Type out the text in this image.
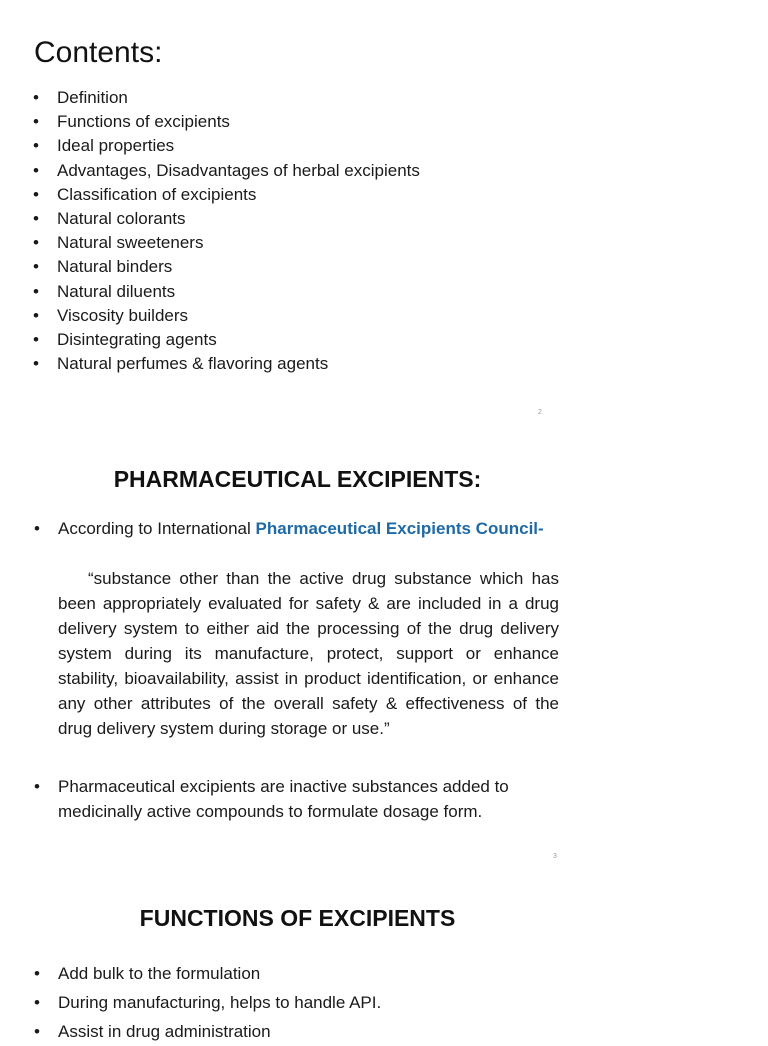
Contents:
• Definition
• Functions of excipients
• Ideal properties
• Advantages, Disadvantages of herbal excipients
• Classification of excipients
• Natural colorants
• Natural sweeteners
• Natural binders
• Natural diluents
• Viscosity builders
• Disintegrating agents
• Natural perfumes & flavoring agents
2
PHARMACEUTICAL EXCIPIENTS:
• According to International Pharmaceutical Excipients Council-
“substance other than the active drug substance which has been appropriately evaluated for safety & are included in a drug delivery system to either aid the processing of the drug delivery system during its manufacture, protect, support or enhance stability, bioavailability, assist in product identification, or enhance any other attributes of the overall safety & effectiveness of the drug delivery system during storage or use.”
• Pharmaceutical excipients are inactive substances added to medicinally active compounds to formulate dosage form.
3
FUNCTIONS OF EXCIPIENTS
• Add bulk to the formulation
• During manufacturing, helps to handle API.
• Assist in drug administration
